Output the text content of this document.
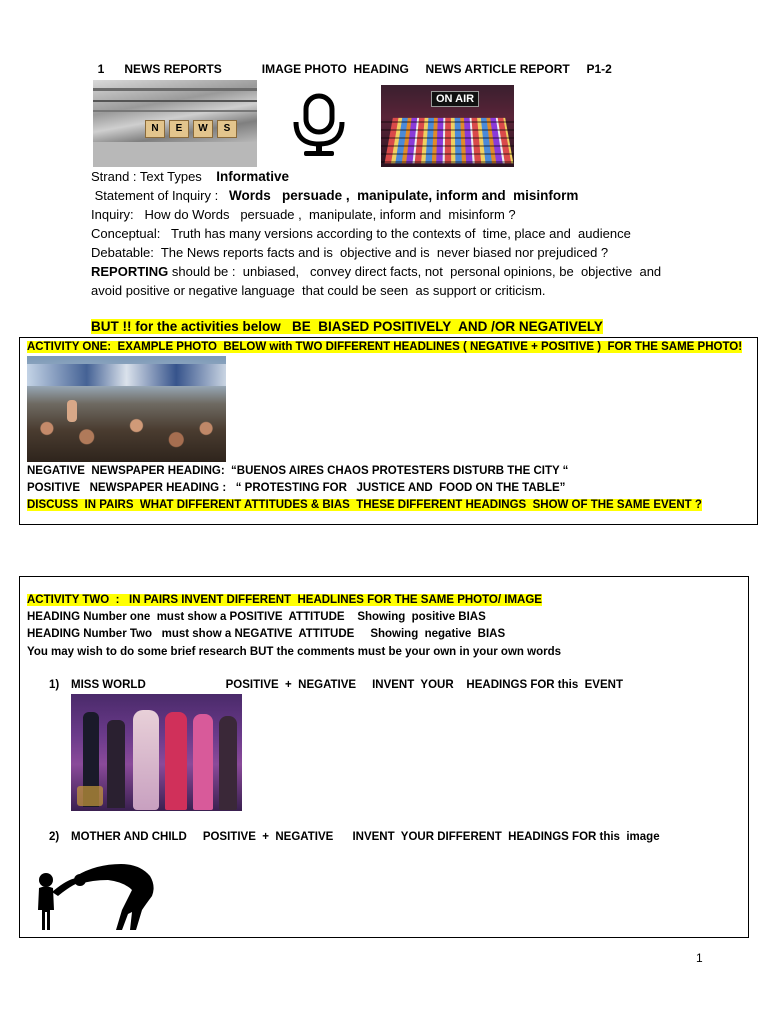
1 NEWS REPORTS	IMAGE PHOTO  HEADING NEWS ARTICLE REPORT P1-2

N	E	W	S
ON AIR
Strand : Text Types Informative
Statement of Inquiry : Words   persuade ,  manipulate, inform and  misinform
Inquiry:   How do Words   persuade ,  manipulate, inform and  misinform ?
Conceptual:   Truth has many versions according to the contexts of  time, place and  audience
Debatable:  The News reports facts and is  objective and is  never biased nor prejudiced ?
REPORTING should be :  unbiased,   convey direct facts, not  personal opinions, be  objective  and
avoid positive or negative language  that could be seen  as support or criticism.
BUT !! for the activities below   BE  BIASED POSITIVELY  AND /OR NEGATIVELY
ACTIVITY ONE:  EXAMPLE PHOTO  BELOW with TWO DIFFERENT HEADLINES ( NEGATIVE + POSITIVE )  FOR THE SAME PHOTO!
NEGATIVE  NEWSPAPER HEADING:  “BUENOS AIRES CHAOS PROTESTERS DISTURB THE CITY “
POSITIVE   NEWSPAPER HEADING :   “ PROTESTING FOR   JUSTICE AND  FOOD ON THE TABLE”
DISCUSS  IN PAIRS  WHAT DIFFERENT ATTITUDES & BIAS  THESE DIFFERENT HEADINGS  SHOW OF THE SAME EVENT ?
ACTIVITY TWO  :   IN PAIRS INVENT DIFFERENT  HEADLINES FOR THE SAME PHOTO/ IMAGE
HEADING Number one  must show a POSITIVE  ATTITUDE    Showing  positive BIAS
HEADING Number Two   must show a NEGATIVE  ATTITUDE     Showing  negative  BIAS
You may wish to do some brief research BUT the comments must be your own in your own words
1) MISS WORLD                         POSITIVE  +  NEGATIVE     INVENT  YOUR    HEADINGS FOR this  EVENT
2) MOTHER AND CHILD     POSITIVE  +  NEGATIVE      INVENT  YOUR DIFFERENT  HEADINGS FOR this  image
1
